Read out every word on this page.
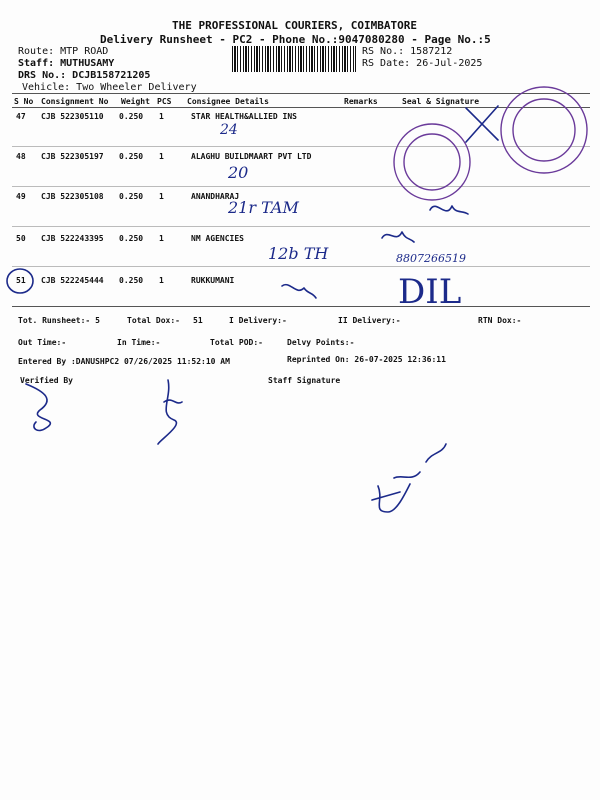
THE PROFESSIONAL COURIERS, COIMBATORE
Delivery Runsheet - PC2 - Phone No.:9047080280 - Page No.:5
Route: MTP ROAD
Staff: MUTHUSAMY
DRS No.: DCJB158721205
Vehicle: Two Wheeler Delivery
RS No.: 1587212
RS Date: 26-Jul-2025
S No Consignment No Weight PCS Consignee Details	Remarks	Seal & Signature
47 CJB 522305110 0.250 1	STAR HEALTH&ALLIED INS
24
48 CJB 522305197 0.250 1	ALAGHU BUILDMAART PVT LTD
20
49 CJB 522305108 0.250 1	ANANDHARAJ
21r TAM
50 CJB 522243395 0.250 1	NM AGENCIES
12b TH	8807266519
51 CJB 522245444 0.250 1	RUKKUMANI	DIL
Tot. Runsheet:- 5	Total Dox:- 51	I Delivery:-	II Delivery:-	RTN Dox:-
Out Time:-	In Time:-	Total POD:-	Delvy Points:-
Entered By :DANUSHPC2 07/26/2025 11:52:10 AM	Reprinted On: 26-07-2025 12:36:11
Verified By	Staff Signature
